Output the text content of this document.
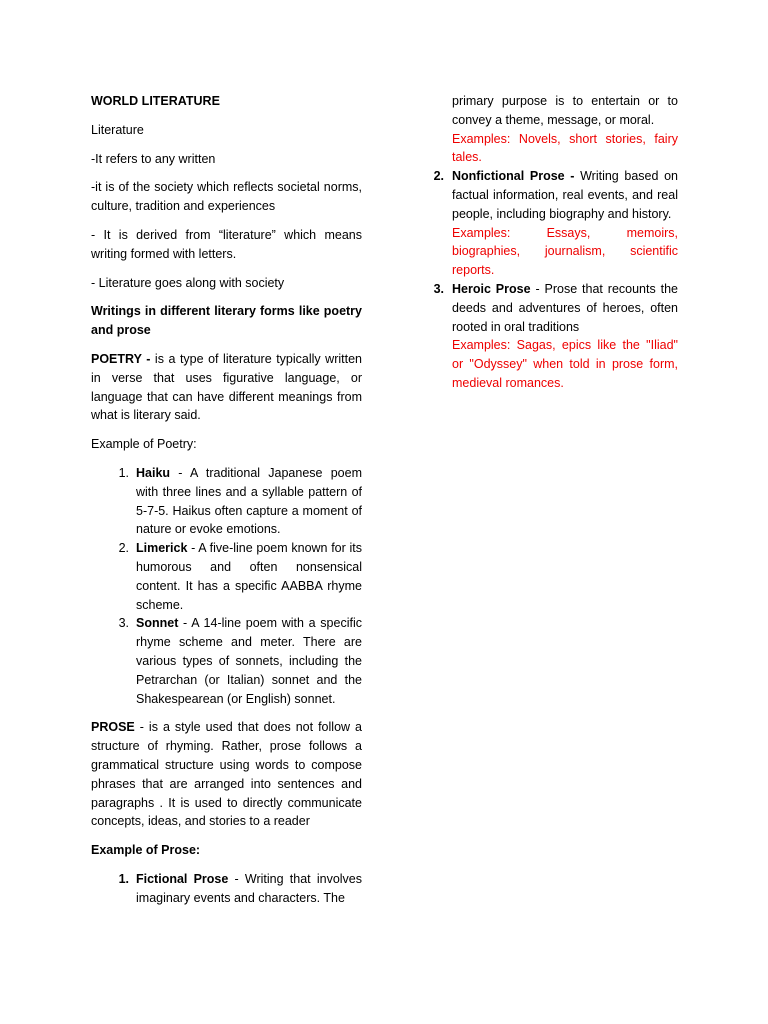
WORLD LITERATURE

Literature

-It refers to any written

-it is of the society which reflects societal norms, culture, tradition and experiences

- It is derived from “literature” which means writing formed with letters.

- Literature goes along with society

Writings in different literary forms like poetry and prose

POETRY - is a type of literature typically written in verse that uses figurative language, or language that can have different meanings from what is literary said.

Example of Poetry:

1. Haiku - A traditional Japanese poem with three lines and a syllable pattern of 5-7-5. Haikus often capture a moment of nature or evoke emotions.
2. Limerick - A five-line poem known for its humorous and often nonsensical content. It has a specific AABBA rhyme scheme.
3. Sonnet - A 14-line poem with a specific rhyme scheme and meter. There are various types of sonnets, including the Petrarchan (or Italian) sonnet and the Shakespearean (or English) sonnet.

PROSE - is a style used that does not follow a structure of rhyming. Rather, prose follows a grammatical structure using words to compose phrases that are arranged into sentences and paragraphs . It is used to directly communicate concepts, ideas, and stories to a reader

Example of Prose:

1. Fictional Prose - Writing that involves imaginary events and characters. The

primary purpose is to entertain or to convey a theme, message, or moral.

Examples: Novels, short stories, fairy tales.

2. Nonfictional Prose - Writing based on factual information, real events, and real people, including biography and history.
Examples: Essays, memoirs, biographies, journalism, scientific reports.
3. Heroic Prose - Prose that recounts the deeds and adventures of heroes, often rooted in oral traditions
Examples: Sagas, epics like the "Iliad" or "Odyssey" when told in prose form, medieval romances.
